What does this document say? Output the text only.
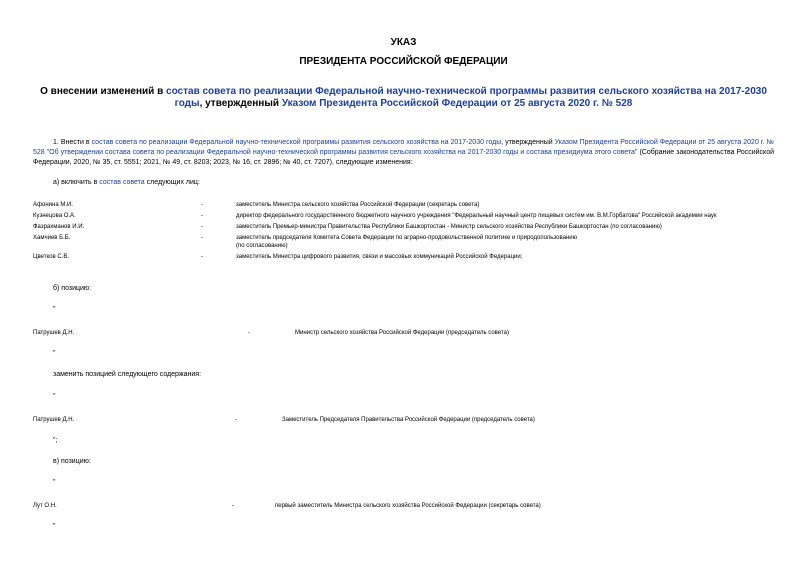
УКАЗ
ПРЕЗИДЕНТА РОССИЙСКОЙ ФЕДЕРАЦИИ
О внесении изменений в состав совета по реализации Федеральной научно-технической программы развития сельского хозяйства на 2017-2030 годы, утвержденный Указом Президента Российской Федерации от 25 августа 2020 г. № 528
1. Внести в состав совета по реализации Федеральной научно-технической программы развития сельского хозяйства на 2017-2030 годы, утвержденный Указом Президента Российской Федерации от 25 августа 2020 г. № 528 "Об утверждении состава совета по реализации Федеральной научно-технической программы развития сельского хозяйства на 2017-2030 годы и состава президиума этого совета" (Собрание законодательства Российской Федерации, 2020, № 35, ст. 5551; 2021, № 49, ст. 8203; 2023, № 16, ст. 2896; № 40, ст. 7207), следующие изменения:
а) включить в состав совета следующих лиц:
Афонина М.И.	-	заместитель Министра сельского хозяйства Российской Федерации (секретарь совета)
Кузнецова О.А.	-	директор федерального государственного бюджетного научного учреждения "Федеральный научный центр пищевых систем им. В.М.Горбатова" Российской академии наук
Фазрахманов И.И.	-	заместитель Премьер-министра Правительства Республики Башкортостан - Министр сельского хозяйства Республики Башкортостан (по согласованию)
Хамчиев Б.Б.	-	заместитель председателя Комитета Совета Федерации по аграрно-продовольственной политике и природопользованию
(по согласованию)
Цветков С.В.	-	заместитель Министра цифрового развития, связи и массовых коммуникаций Российской Федерации;
б) позицию:
"
Патрушев Д.Н.	-	Министр сельского хозяйства Российской Федерации (председатель совета)
"
заменить позицией следующего содержания:
"
Патрушев Д.Н.	-	Заместитель Председателя Правительства Российской Федерации (председатель совета)
";
в) позицию:
"
Лут О.Н.	-	первый заместитель Министра сельского хозяйства Российской Федерации (секретарь совета)
"
